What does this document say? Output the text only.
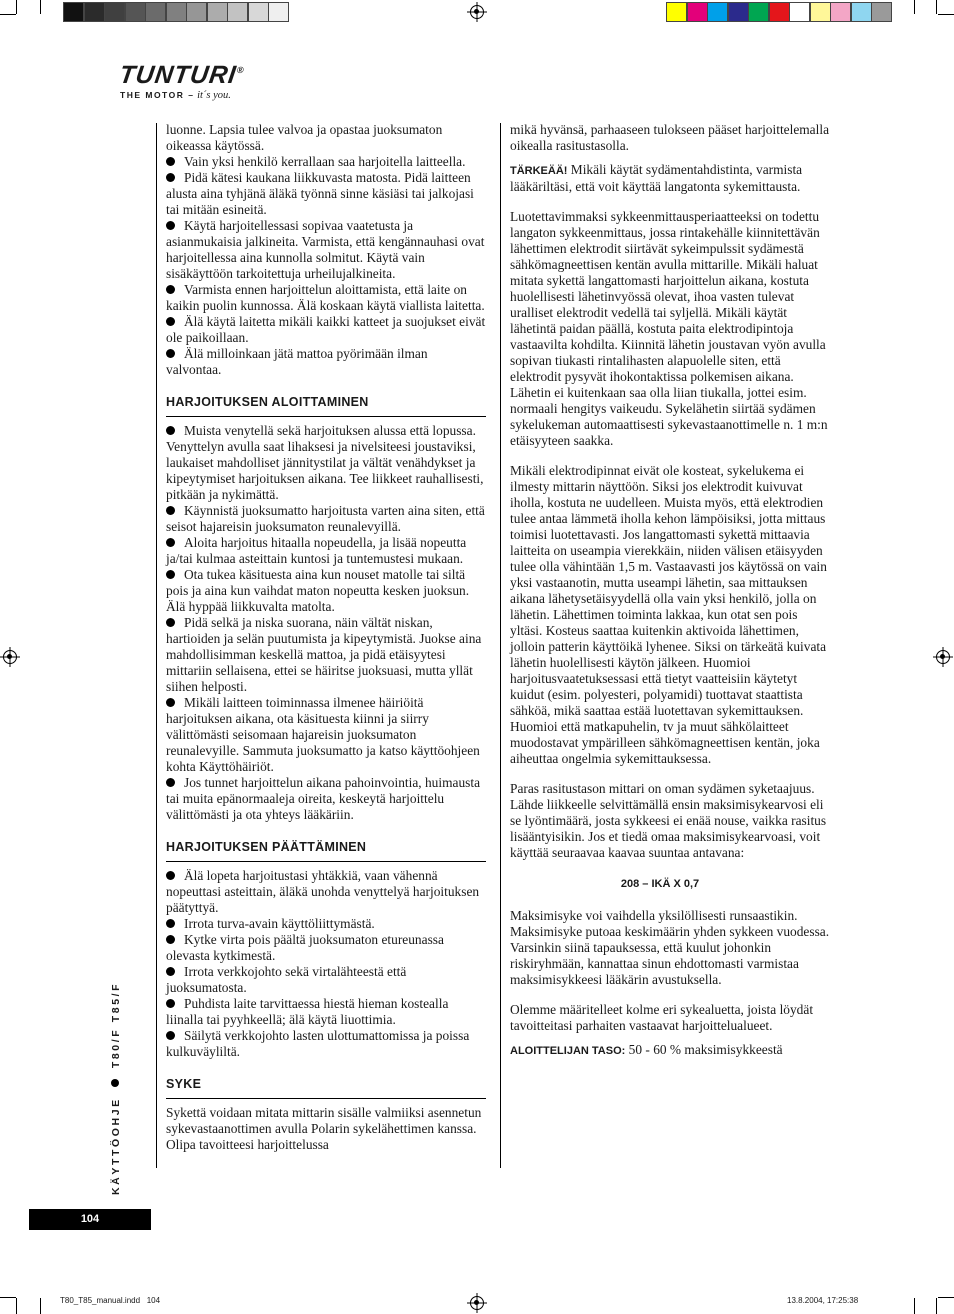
TUNTURI®
THE MOTOR – it´s you.

luonne. Lapsia tulee valvoa ja opastaa juoksumaton oikeassa käytössä.

Vain yksi henkilö kerrallaan saa harjoitella laitteella.

Pidä kätesi kaukana liikkuvasta matosta. Pidä laitteen alusta aina tyhjänä äläkä työnnä sinne käsiäsi tai jalkojasi tai mitään esineitä.

Käytä harjoitellessasi sopivaa vaatetusta ja asianmukaisia jalkineita. Varmista, että kengännauhasi ovat harjoitellessa aina kunnolla solmitut. Käytä vain sisäkäyttöön tarkoitettuja urheilujalkineita.

Varmista ennen harjoittelun aloittamista, että laite on kaikin puolin kunnossa. Älä koskaan käytä viallista laitetta.

Älä käytä laitetta mikäli kaikki katteet ja suojukset eivät ole paikoillaan.

Älä milloinkaan jätä mattoa pyörimään ilman valvontaa.

HARJOITUKSEN ALOITTAMINEN

Muista venytellä sekä harjoituksen alussa että lopussa. Venyttelyn avulla saat lihaksesi ja nivelsiteesi joustaviksi, laukaiset mahdolliset jännitystilat ja vältät venähdykset ja kipeytymiset harjoituksen aikana. Tee liikkeet rauhallisesti, pitkään ja nykimättä.

Käynnistä juoksumatto harjoitusta varten aina siten, että seisot hajareisin juoksumaton reunalevyillä.

Aloita harjoitus hitaalla nopeudella, ja lisää nopeutta ja/tai kulmaa asteittain kuntosi ja tuntemustesi mukaan.

Ota tukea käsituesta aina kun nouset matolle tai siltä pois ja aina kun vaihdat maton nopeutta kesken juoksun. Älä hyppää liikkuvalta matolta.

Pidä selkä ja niska suorana, näin vältät niskan, hartioiden ja selän puutumista ja kipeytymistä. Juokse aina mahdollisimman keskellä mattoa, ja pidä etäisyytesi mittariin sellaisena, ettei se häiritse juoksuasi, mutta yllät siihen helposti.

Mikäli laitteen toiminnassa ilmenee häiriöitä harjoituksen aikana, ota käsituesta kiinni ja siirry välittömästi seisomaan hajareisin juoksumaton reunalevyille. Sammuta juoksumatto ja katso käyttöohjeen kohta Käyttöhäiriöt.

Jos tunnet harjoittelun aikana pahoinvointia, huimausta tai muita epänormaaleja oireita, keskeytä harjoittelu välittömästi ja ota yhteys lääkäriin.

HARJOITUKSEN PÄÄTTÄMINEN

Älä lopeta harjoitustasi yhtäkkiä, vaan vähennä nopeuttasi asteittain, äläkä unohda venyttelyä harjoituksen päätyttyä.

Irrota turva-avain käyttöliittymästä.

Kytke virta pois päältä juoksumaton etureunassa olevasta kytkimestä.

Irrota verkkojohto sekä virtalähteestä että juoksumatosta.

Puhdista laite tarvittaessa hiestä hieman kostealla liinalla tai pyyhkeellä; älä käytä liuottimia.

Säilytä verkkojohto lasten ulottumattomissa ja poissa kulkuväyliltä.

SYKE

Sykettä voidaan mitata mittarin sisälle valmiiksi asennetun sykevastaanottimen avulla Polarin sykelähettimen kanssa. Olipa tavoitteesi harjoittelussa

mikä hyvänsä, parhaaseen tulokseen pääset harjoittelemalla oikealla rasitustasolla.

TÄRKEÄÄ! Mikäli käytät sydämentahdistinta, varmista lääkäriltäsi, että voit käyttää langatonta sykemittausta.

Luotettavimmaksi sykkeenmittausperiaatteeksi on todettu langaton sykkeenmittaus, jossa rintakehälle kiinnitettävän lähettimen elektrodit siirtävät sykeimpulssit sydämestä sähkömagneettisen kentän avulla mittarille. Mikäli haluat mitata sykettä langattomasti harjoittelun aikana, kostuta huolellisesti lähetinvyössä olevat, ihoa vasten tulevat uralliset elektrodit vedellä tai syljellä. Mikäli käytät lähetintä paidan päällä, kostuta paita elektrodipintoja vastaavilta kohdilta. Kiinnitä lähetin joustavan vyön avulla sopivan tiukasti rintalihasten alapuolelle siten, että elektrodit pysyvät ihokontaktissa polkemisen aikana. Lähetin ei kuitenkaan saa olla liian tiukalla, jottei esim. normaali hengitys vaikeudu. Sykelähetin siirtää sydämen sykelukeman automaattisesti sykevastaanottimelle n. 1 m:n etäisyyteen saakka.

Mikäli elektrodipinnat eivät ole kosteat, sykelukema ei ilmesty mittarin näyttöön. Siksi jos elektrodit kuivuvat iholla, kostuta ne uudelleen. Muista myös, että elektrodien tulee antaa lämmetä iholla kehon lämpöisiksi, jotta mittaus toimisi luotettavasti. Jos langattomasti sykettä mittaavia laitteita on useampia vierekkäin, niiden välisen etäisyyden tulee olla vähintään 1,5 m. Vastaavasti jos käytössä on vain yksi vastaanotin, mutta useampi lähetin, saa mittauksen aikana lähetysetäisyydellä olla vain yksi henkilö, jolla on lähetin. Lähettimen toiminta lakkaa, kun otat sen pois yltäsi. Kosteus saattaa kuitenkin aktivoida lähettimen, jolloin patterin käyttöikä lyhenee. Siksi on tärkeätä kuivata lähetin huolellisesti käytön jälkeen. Huomioi harjoitusvaatetuksessasi että tietyt vaatteisiin käytetyt kuidut (esim. polyesteri, polyamidi) tuottavat staattista sähköä, mikä saattaa estää luotettavan sykemittauksen. Huomioi että matkapuhelin, tv ja muut sähkölaitteet muodostavat ympärilleen sähkömagneettisen kentän, joka aiheuttaa ongelmia sykemittauksessa.

Paras rasitustason mittari on oman sydämen syketaajuus. Lähde liikkeelle selvittämällä ensin maksimisykearvosi eli se lyöntimäärä, josta sykkeesi ei enää nouse, vaikka rasitus lisääntyisikin. Jos et tiedä omaa maksimisykearvoasi, voit käyttää seuraavaa kaavaa suuntaa antavana:

208 – IKÄ X 0,7

Maksimisyke voi vaihdella yksilöllisesti runsaastikin. Maksimisyke putoaa keskimäärin yhden sykkeen vuodessa. Varsinkin siinä tapauksessa, että kuulut johonkin riskiryhmään, kannattaa sinun ehdottomasti varmistaa maksimisykkeesi lääkärin avustuksella.

Olemme määritelleet kolme eri sykealuetta, joista löydät tavoitteitasi parhaiten vastaavat harjoittelualueet.

ALOITTELIJAN TASO: 50 - 60 % maksimisykkeestä

KÄYTTÖOHJE  T80/F T85/F
104
T80_T85_manual.indd   104	13.8.2004, 17:25:38
